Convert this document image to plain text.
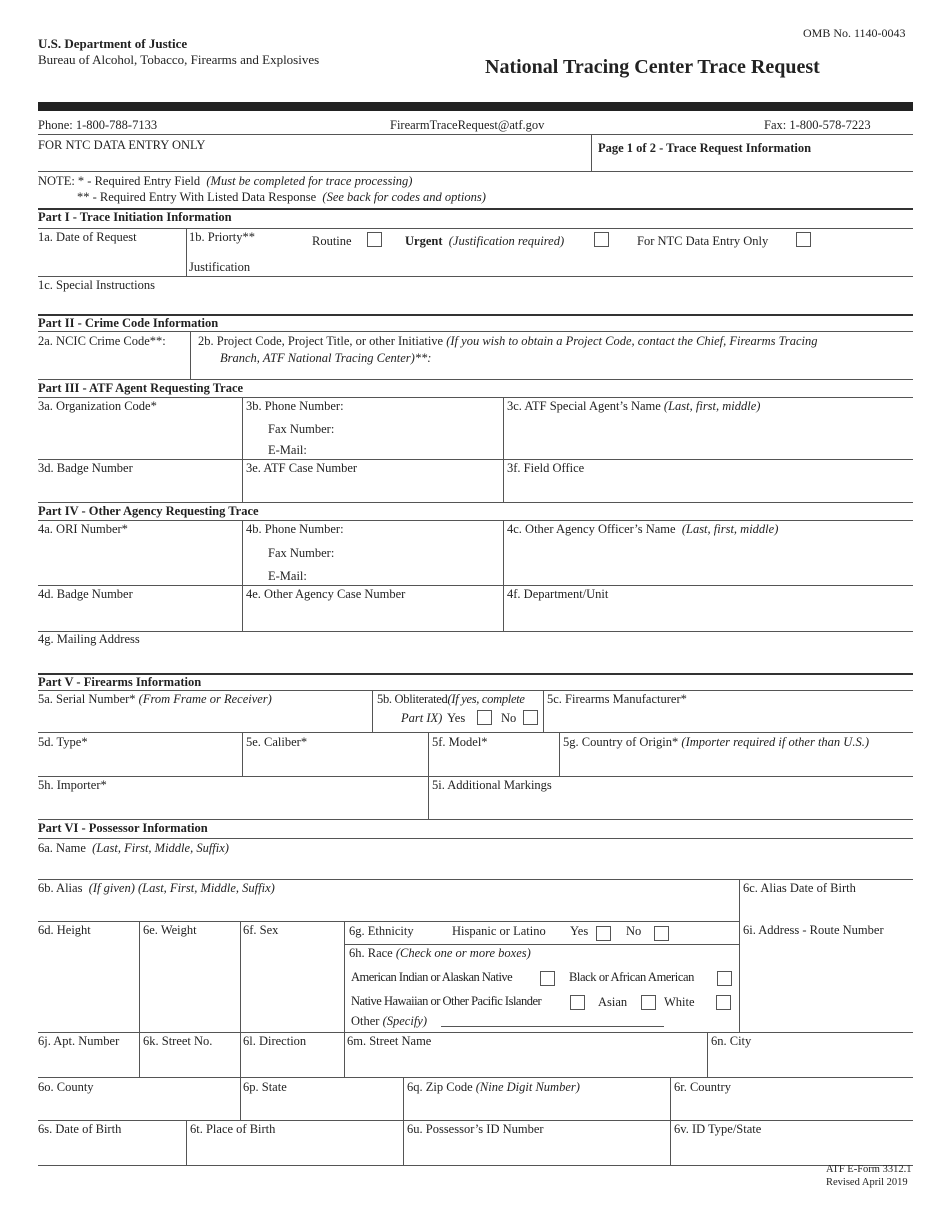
OMB No. 1140-0043
U.S. Department of Justice
Bureau of Alcohol, Tobacco, Firearms and Explosives	National Tracing Center Trace Request
Phone: 1-800-788-7133	FirearmTraceRequest@atf.gov	Fax: 1-800-578-7223
FOR NTC DATA ENTRY ONLY	Page 1 of 2 - Trace Request Information
NOTE: * - Required Entry Field (Must be completed for trace processing)
** - Required Entry With Listed Data Response (See back for codes and options)
Part I - Trace Initiation Information
1a. Date of Request	1b. Priorty**	Routine	Urgent (Justification required)	For NTC Data Entry Only
Justification
1c. Special Instructions
Part II - Crime Code Information
2a. NCIC Crime Code**:	2b. Project Code, Project Title, or other Initiative (If you wish to obtain a Project Code, contact the Chief, Firearms Tracing
Branch, ATF National Tracing Center)**:
Part III - ATF Agent Requesting Trace
3a. Organization Code*	3b. Phone Number:
Fax Number:
E-Mail:
3c. ATF Special Agent’s Name (Last, first, middle)
3d. Badge Number	3e. ATF Case Number	3f. Field Office
Part IV - Other Agency Requesting Trace
4a. ORI Number*	4b. Phone Number:
Fax Number:
E-Mail:
4c. Other Agency Officer’s Name (Last, first, middle)
4d. Badge Number	4e. Other Agency Case Number	4f. Department/Unit
4g. Mailing Address
Part V - Firearms Information
5a. Serial Number* (From Frame or Receiver)	5b. Obliterated(If yes, complete
Part IX) Yes	No
5c. Firearms Manufacturer*
5d. Type*	5e. Caliber*	5f. Model*	5g. Country of Origin* (Importer required if other than U.S.)
5h. Importer*	5i. Additional Markings
Part VI - Possessor Information
6a. Name (Last, First, Middle, Suffix)
6b. Alias (If given) (Last, First, Middle, Suffix)	6c. Alias Date of Birth
6d. Height	6e. Weight	6f. Sex	6g. Ethnicity	Hispanic or Latino Yes	No	6i. Address - Route Number
6h. Race (Check one or more boxes)
American Indian or Alaskan Native	Black or African American
Native Hawaiian or Other Pacific Islander	Asian	White
Other (Specify)
6j. Apt. Number 6k. Street No. 6l. Direction	6m. Street Name	6n. City
6o. County	6p. State	6q. Zip Code (Nine Digit Number)	6r. Country
6s. Date of Birth	6t. Place of Birth	6u. Possessor’s ID Number	6v. ID Type/State
ATF E-Form 3312.1
Revised April 2019
